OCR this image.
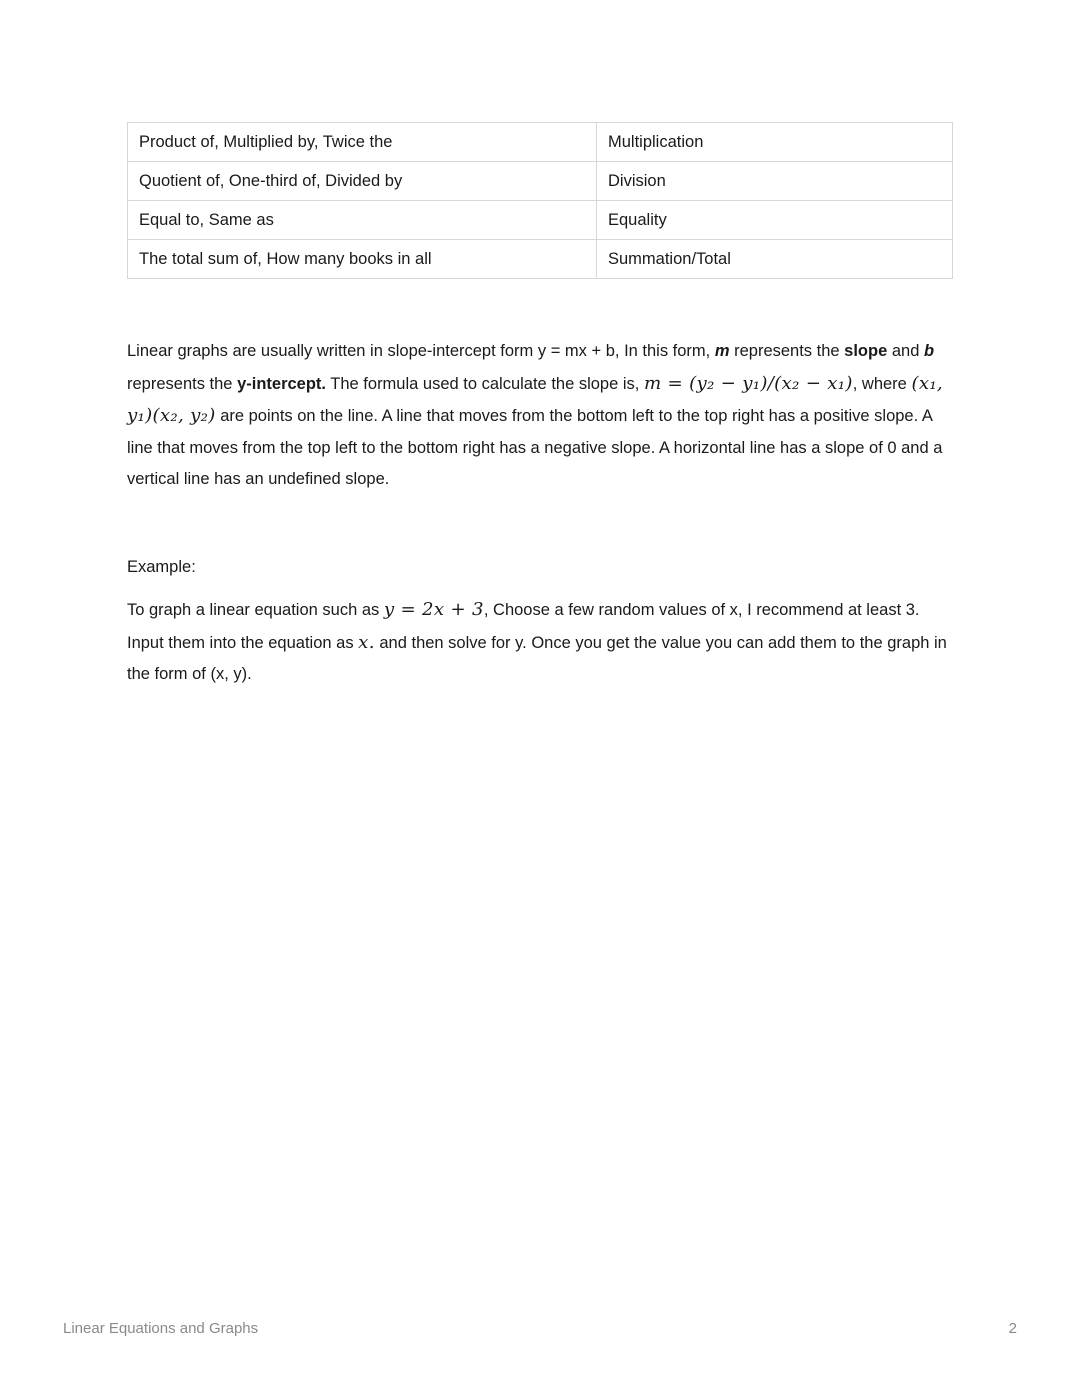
Product of, Multiplied by, Twice the	Multiplication
Quotient of, One-third of, Divided by	Division
Equal to, Same as	Equality
The total sum of, How many books in all	Summation/Total

Linear graphs are usually written in slope-intercept form y = mx + b, In this form, m represents the slope and b represents the y-intercept. The formula used to calculate the slope is, m = (y₂ − y₁)/(x₂ − x₁), where (x₁, y₁)(x₂, y₂) are points on the line. A line that moves from the bottom left to the top right has a positive slope. A line that moves from the top left to the bottom right has a negative slope. A horizontal line has a slope of 0 and a vertical line has an undefined slope.

Example:

To graph a linear equation such as y = 2x + 3, Choose a few random values of x, I recommend at least 3. Input them into the equation as x. and then solve for y. Once you get the value you can add them to the graph in the form of (x, y).

Linear Equations and Graphs	2
